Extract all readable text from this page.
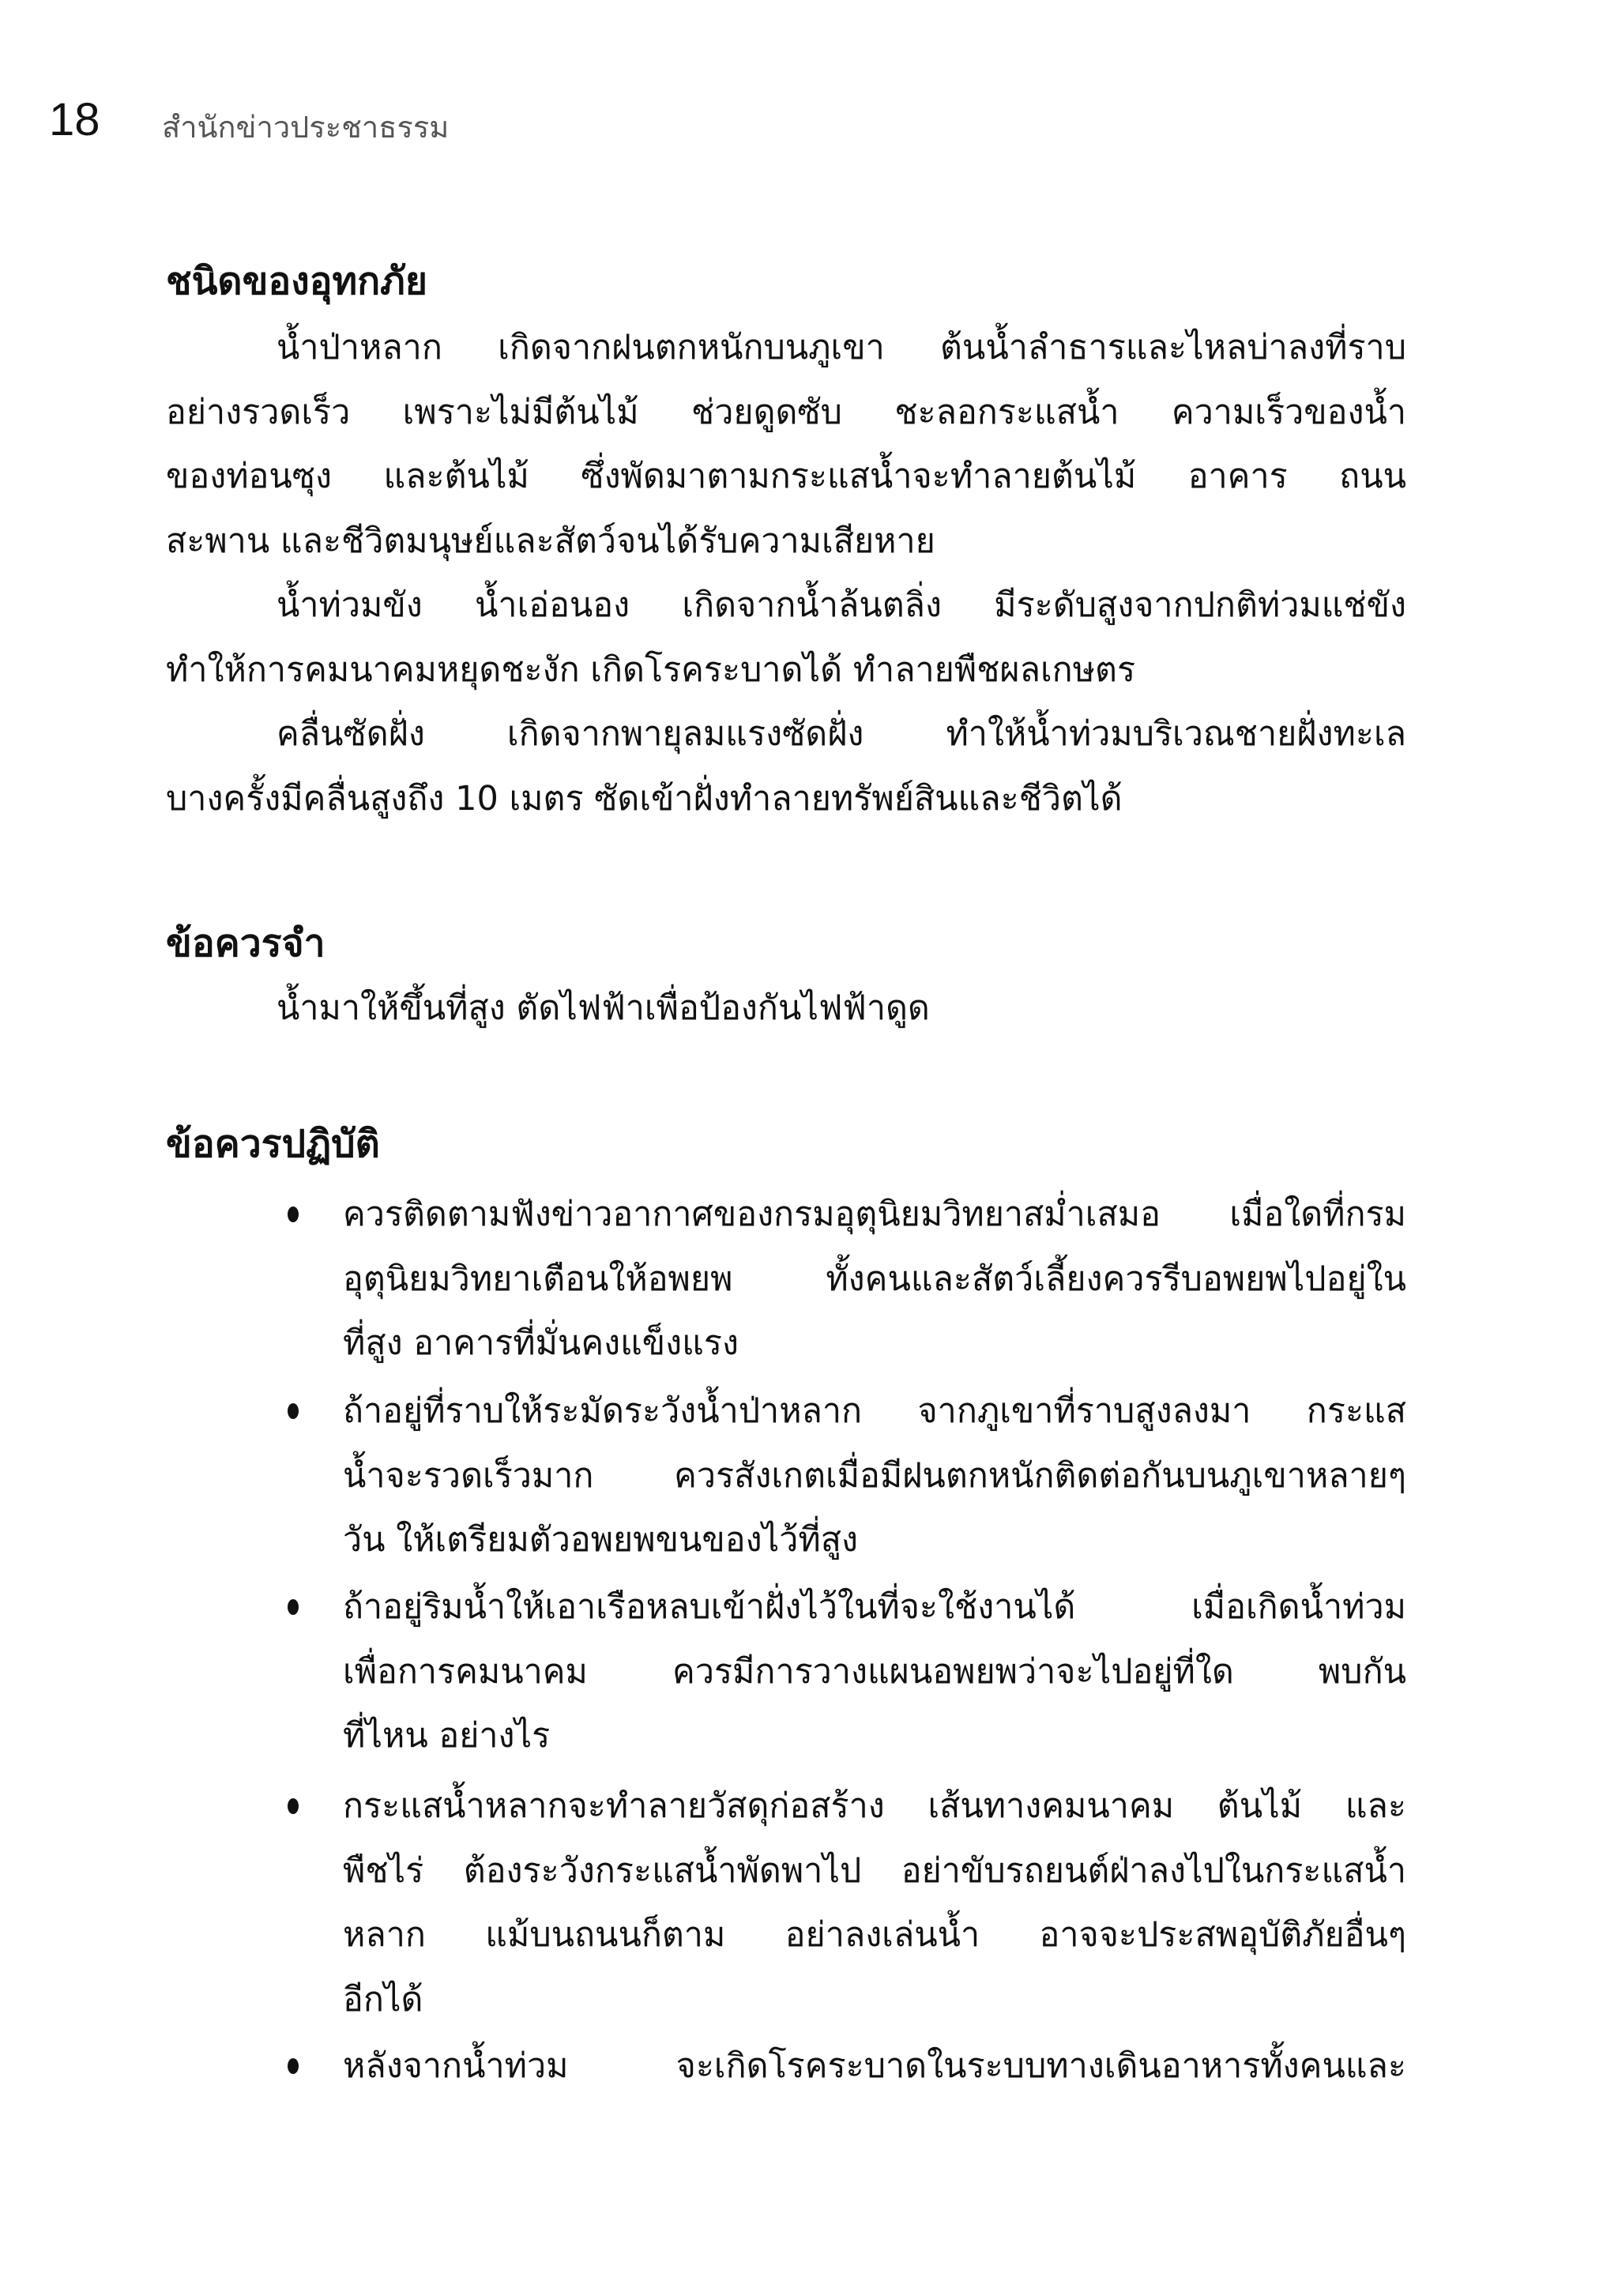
18 สำนักข่าวประชาธรรม
ชนิดของอุทกภัย
น้ำป่าหลาก เกิดจากฝนตกหนักบนภูเขา ต้นน้ำลำธารและไหลบ่าลงที่ราบ
อย่างรวดเร็ว เพราะไม่มีต้นไม้ ช่วยดูดซับ ชะลอกระแสน้ำ ความเร็วของน้ำ
ของท่อนซุง และต้นไม้ ซึ่งพัดมาตามกระแสน้ำจะทำลายต้นไม้ อาคาร ถนน
สะพาน และชีวิตมนุษย์และสัตว์จนได้รับความเสียหาย
น้ำท่วมขัง น้ำเอ่อนอง เกิดจากน้ำล้นตลิ่ง มีระดับสูงจากปกติท่วมแช่ขัง
ทำให้การคมนาคมหยุดชะงัก เกิดโรคระบาดได้ ทำลายพืชผลเกษตร
คลื่นซัดฝั่ง เกิดจากพายุลมแรงซัดฝั่ง ทำให้น้ำท่วมบริเวณชายฝั่งทะเล
บางครั้งมีคลื่นสูงถึง 10 เมตร ซัดเข้าฝั่งทำลายทรัพย์สินและชีวิตได้
ข้อควรจำ
น้ำมาให้ขึ้นที่สูง ตัดไฟฟ้าเพื่อป้องกันไฟฟ้าดูด
ข้อควรปฏิบัติ
ควรติดตามฟังข่าวอากาศของกรมอุตุนิยมวิทยาสม่ำเสมอ เมื่อใดที่กรม
อุตุนิยมวิทยาเตือนให้อพยพ ทั้งคนและสัตว์เลี้ยงควรรีบอพยพไปอยู่ใน
ที่สูง อาคารที่มั่นคงแข็งแรง
ถ้าอยู่ที่ราบให้ระมัดระวังน้ำป่าหลาก จากภูเขาที่ราบสูงลงมา กระแส
น้ำจะรวดเร็วมาก ควรสังเกตเมื่อมีฝนตกหนักติดต่อกันบนภูเขาหลายๆ
วัน ให้เตรียมตัวอพยพขนของไว้ที่สูง
ถ้าอยู่ริมน้ำให้เอาเรือหลบเข้าฝั่งไว้ในที่จะใช้งานได้ เมื่อเกิดน้ำท่วม
เพื่อการคมนาคม ควรมีการวางแผนอพยพว่าจะไปอยู่ที่ใด พบกัน
ที่ไหน อย่างไร
กระแสน้ำหลากจะทำลายวัสดุก่อสร้าง เส้นทางคมนาคม ต้นไม้ และ
พืชไร่ ต้องระวังกระแสน้ำพัดพาไป อย่าขับรถยนต์ฝ่าลงไปในกระแสน้ำ
หลาก แม้บนถนนก็ตาม อย่าลงเล่นน้ำ อาจจะประสพอุบัติภัยอื่นๆ
อีกได้
หลังจากน้ำท่วม จะเกิดโรคระบาดในระบบทางเดินอาหารทั้งคนและ
